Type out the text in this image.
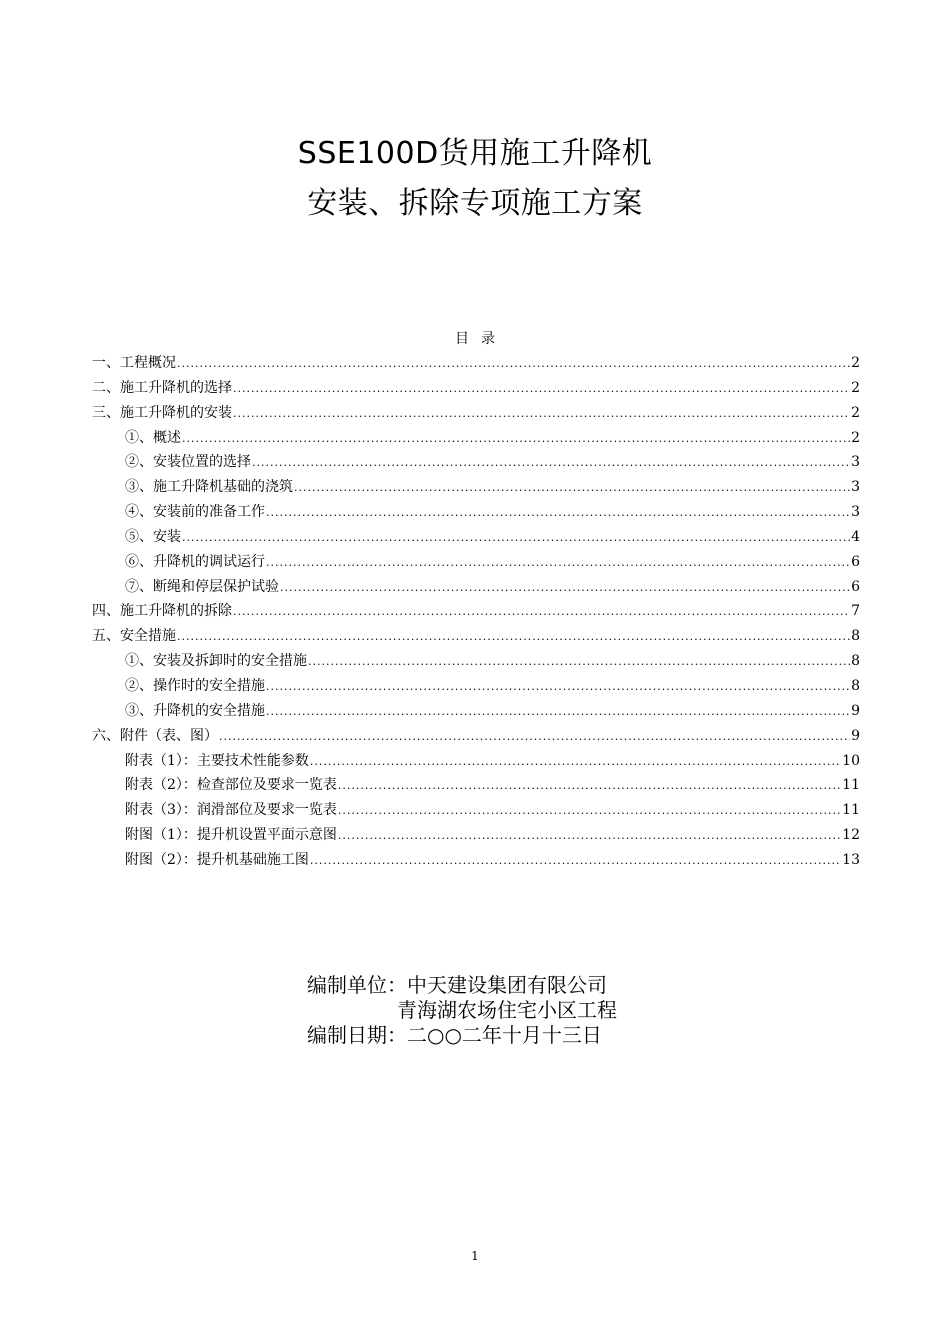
SSE100D货用施工升降机
安装、拆除专项施工方案
目录
一、工程概况 .....	2
二、施工升降机的选择 .....	2
三、施工升降机的安装 .....	2
①、概述 .....	2
②、安装位置的选择 .....	3
③、施工升降机基础的浇筑 .....	3
④、安装前的准备工作 .....	3
⑤、安装 .....	4
⑥、升降机的调试运行 .....	6
⑦、断绳和停层保护试验 .....	6
四、施工升降机的拆除 .....	7
五、安全措施 .....	8
①、安装及拆卸时的安全措施 .....	8
②、操作时的安全措施 .....	8
③、升降机的安全措施 .....	9
六、附件（表、图） .....	9
附表（1）：主要技术性能参数 .....	10
附表（2）：检查部位及要求一览表 .....	11
附表（3）：润滑部位及要求一览表 .....	11
附图（1）：提升机设置平面示意图 .....	12
附图（2）：提升机基础施工图 .....	13
编制单位：中天建设集团有限公司
青海湖农场住宅小区工程
编制日期：二○○二年十月十三日
1
